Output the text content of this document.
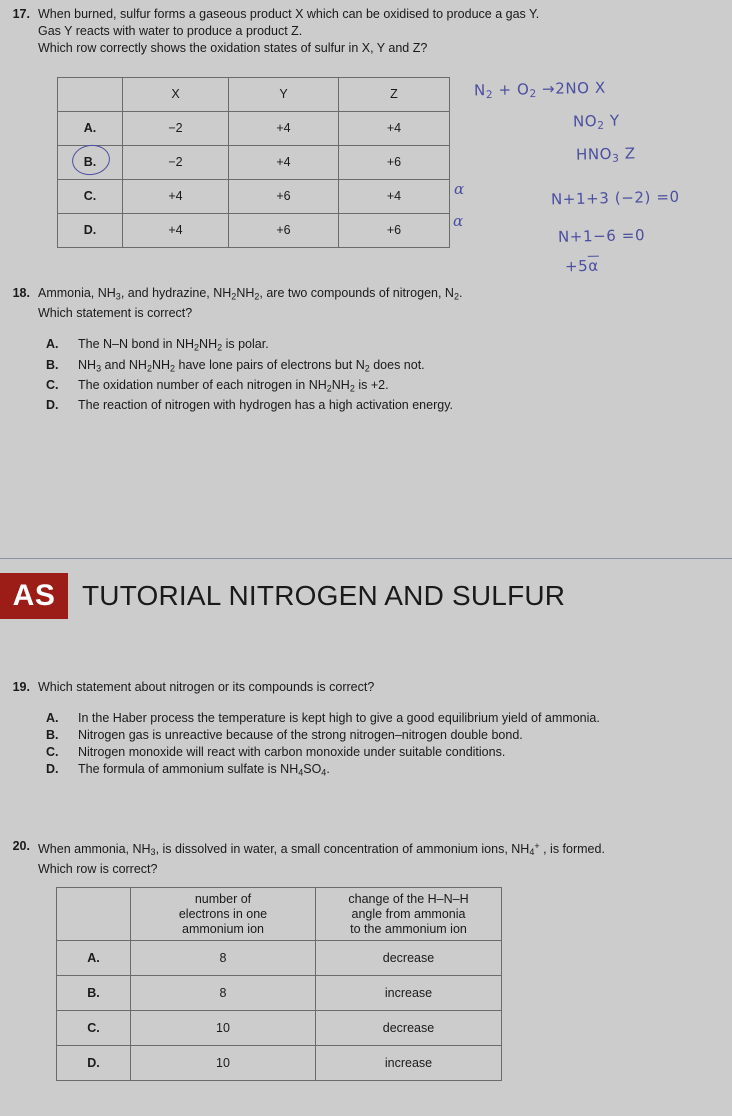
17. When burned, sulfur forms a gaseous product X which can be oxidised to produce a gas Y.
Gas Y reacts with water to produce a product Z.
Which row correctly shows the oxidation states of sulfur in X, Y and Z?
	X	Y	Z
A.	−2	+4	+4
B.	−2	+4	+6
C.	+4	+6	+4
D.	+4	+6	+6
$N_2 + O_2 \to 2NO$ X
$NO_2$ Y
$HNO_3$ Z
N+1+3 (−2) =0
N+1−6 =0
+5α
α
α
18. Ammonia, $NH_3$, and hydrazine, $NH_2NH_2$, are two compounds of nitrogen, $N_2$.
Which statement is correct?
A.	The N–N bond in $NH_2NH_2$ is polar.
B.	$NH_3$ and $NH_2NH_2$ have lone pairs of electrons but $N_2$ does not.
C.	The oxidation number of each nitrogen in $NH_2NH_2$ is +2.
D.	The reaction of nitrogen with hydrogen has a high activation energy.
AS TUTORIAL NITROGEN AND SULFUR
19. Which statement about nitrogen or its compounds is correct?
A.	In the Haber process the temperature is kept high to give a good equilibrium yield of ammonia.
B.	Nitrogen gas is unreactive because of the strong nitrogen–nitrogen double bond.
C.	Nitrogen monoxide will react with carbon monoxide under suitable conditions.
D.	The formula of ammonium sulfate is $NH_4SO_4$.
20. When ammonia, $NH_3$, is dissolved in water, a small concentration of ammonium ions, $NH_4^+$ , is formed.
Which row is correct?

number of
electrons in one
ammonium ion

change of the H–N–H
angle from ammonia
to the ammonium ion

A.	8	decrease
B.	8	increase
C.	10	decrease
D.	10	increase
